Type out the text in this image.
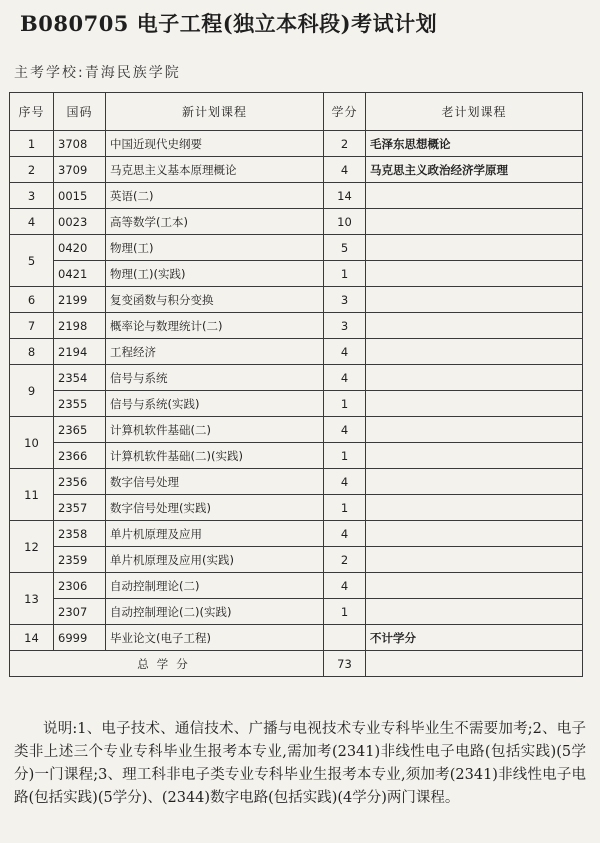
B080705 电子工程(独立本科段)考试计划
主考学校:青海民族学院
序号	国码	新计划课程	学分	老计划课程
1	3708	中国近现代史纲要	2	毛泽东思想概论
2	3709	马克思主义基本原理概论	4	马克思主义政治经济学原理
3	0015	英语(二)	14	
4	0023	高等数学(工本)	10	
5	0420	物理(工)	5	
	0421	物理(工)(实践)	1	
6	2199	复变函数与积分变换	3	
7	2198	概率论与数理统计(二)	3	
8	2194	工程经济	4	
9	2354	信号与系统	4	
	2355	信号与系统(实践)	1	
10	2365	计算机软件基础(二)	4	
	2366	计算机软件基础(二)(实践)	1	
11	2356	数字信号处理	4	
	2357	数字信号处理(实践)	1	
12	2358	单片机原理及应用	4	
	2359	单片机原理及应用(实践)	2	
13	2306	自动控制理论(二)	4	
	2307	自动控制理论(二)(实践)	1	
14	6999	毕业论文(电子工程)		不计学分
总学分			73	
说明:1、电子技术、通信技术、广播与电视技术专业专科毕业生不需要加考;2、电子类非上述三个专业专科毕业生报考本专业,需加考(2341)非线性电子电路(包括实践)(5学分)一门课程;3、理工科非电子类专业专科毕业生报考本专业,须加考(2341)非线性电子电路(包括实践)(5学分)、(2344)数字电路(包括实践)(4学分)两门课程。
